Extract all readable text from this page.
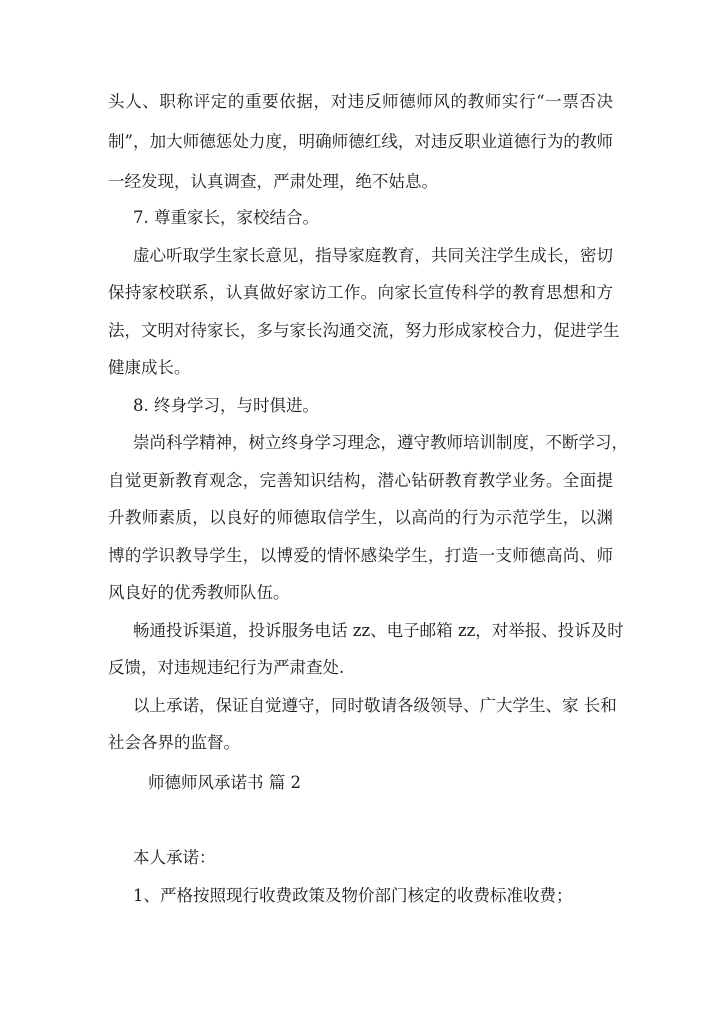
头人、职称评定的重要依据，对违反师德师风的教师实行“一票否决
制”，加大师德惩处力度，明确师德红线，对违反职业道德行为的教师
一经发现，认真调查，严肃处理，绝不姑息。
7. 尊重家长，家校结合。
虚心听取学生家长意见，指导家庭教育，共同关注学生成长，密切
保持家校联系，认真做好家访工作。向家长宣传科学的教育思想和方
法，文明对待家长，多与家长沟通交流，努力形成家校合力，促进学生
健康成长。
8. 终身学习，与时俱进。
崇尚科学精神，树立终身学习理念，遵守教师培训制度，不断学习，
自觉更新教育观念，完善知识结构，潜心钻研教育教学业务。全面提
升教师素质，以良好的师德取信学生，以高尚的行为示范学生，以渊
博的学识教导学生，以博爱的情怀感染学生，打造一支师德高尚、师
风良好的优秀教师队伍。
畅通投诉渠道，投诉服务电话 zz、电子邮箱 zz，对举报、投诉及时
反馈，对违规违纪行为严肃查处.
以上承诺，保证自觉遵守，同时敬请各级领导、广大学生、家 长和
社会各界的监督。
师德师风承诺书 篇 2
本人承诺：
1、严格按照现行收费政策及物价部门核定的收费标准收费；
